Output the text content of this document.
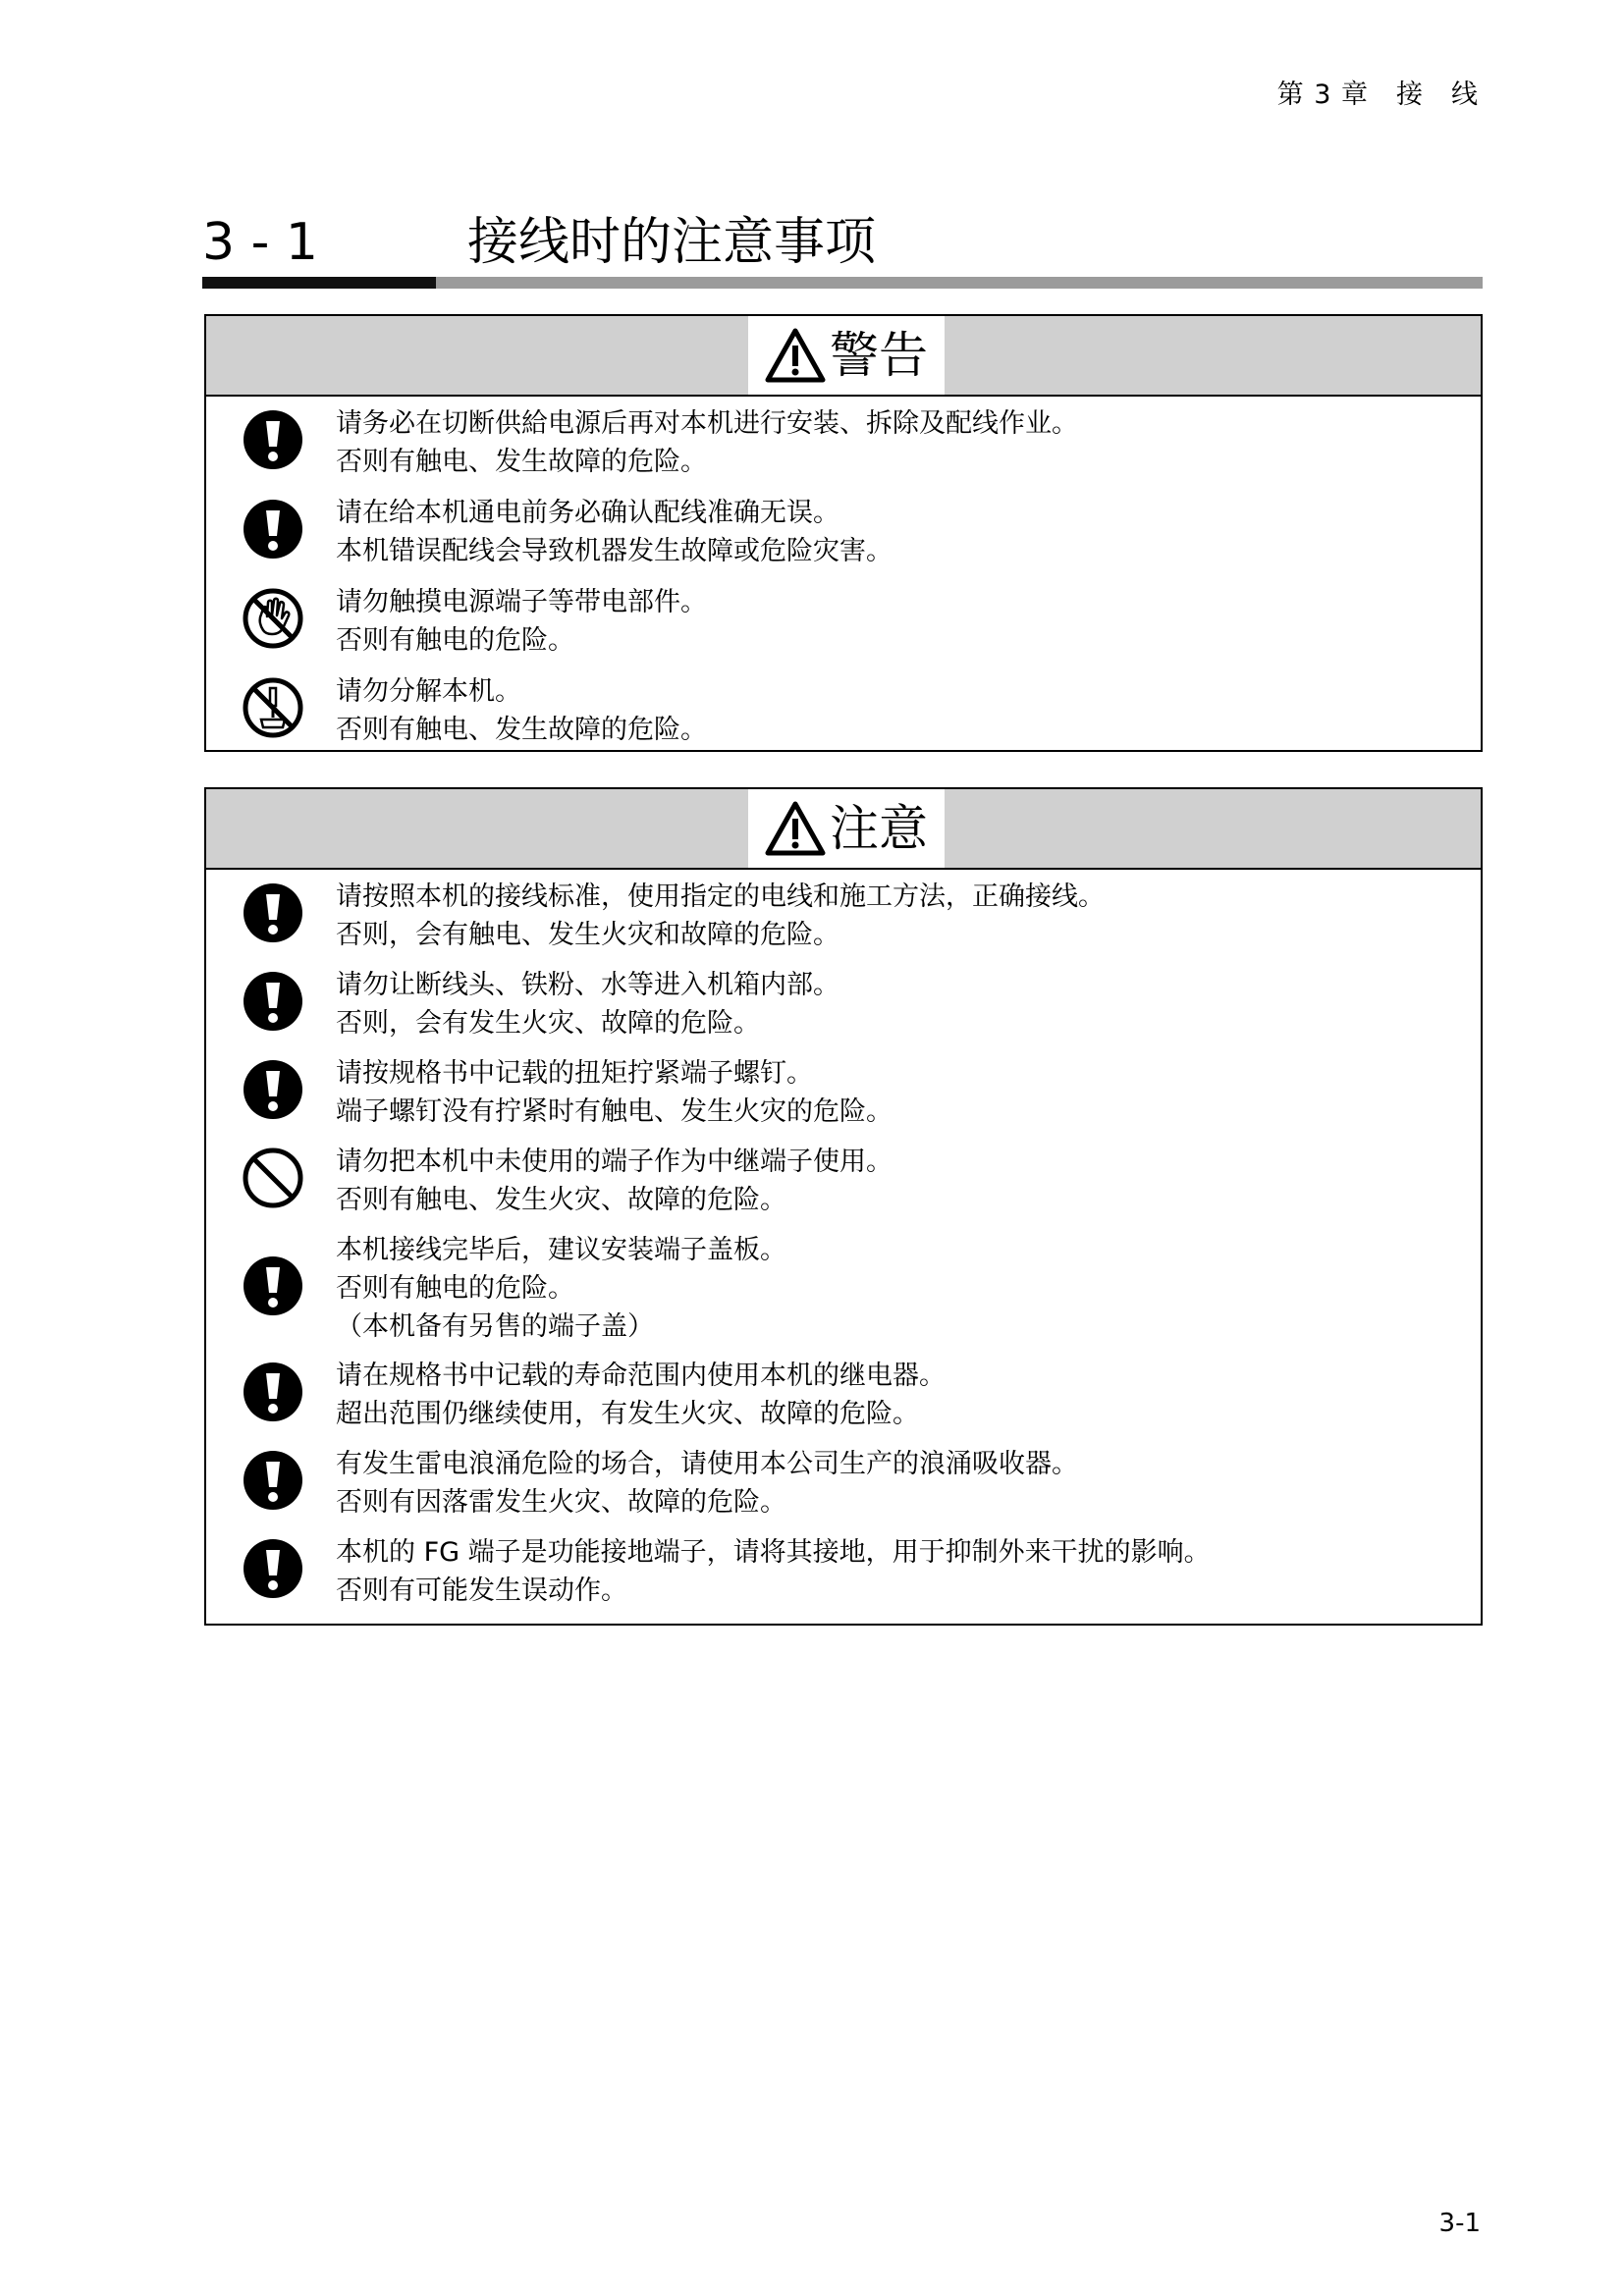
第 3 章　接　线
3 - 1	接线时的注意事项
警告
请务必在切断供給电源后再对本机进行安装、拆除及配线作业。
否则有触电、发生故障的危险。
请在给本机通电前务必确认配线准确无误。
本机错误配线会导致机器发生故障或危险灾害。
请勿触摸电源端子等带电部件。
否则有触电的危险。
请勿分解本机。
否则有触电、发生故障的危险。
注意
请按照本机的接线标准，使用指定的电线和施工方法，正确接线。
否则，会有触电、发生火灾和故障的危险。
请勿让断线头、铁粉、水等进入机箱内部。
否则，会有发生火灾、故障的危险。
请按规格书中记载的扭矩拧紧端子螺钉。
端子螺钉没有拧紧时有触电、发生火灾的危险。
请勿把本机中未使用的端子作为中继端子使用。
否则有触电、发生火灾、故障的危险。
本机接线完毕后，建议安装端子盖板。
否则有触电的危险。
（本机备有另售的端子盖）
请在规格书中记载的寿命范围内使用本机的继电器。
超出范围仍继续使用，有发生火灾、故障的危险。
有发生雷电浪涌危险的场合，请使用本公司生产的浪涌吸收器。
否则有因落雷发生火灾、故障的危险。
本机的 FG 端子是功能接地端子，请将其接地，用于抑制外来干扰的影响。
否则有可能发生误动作。
3-1
